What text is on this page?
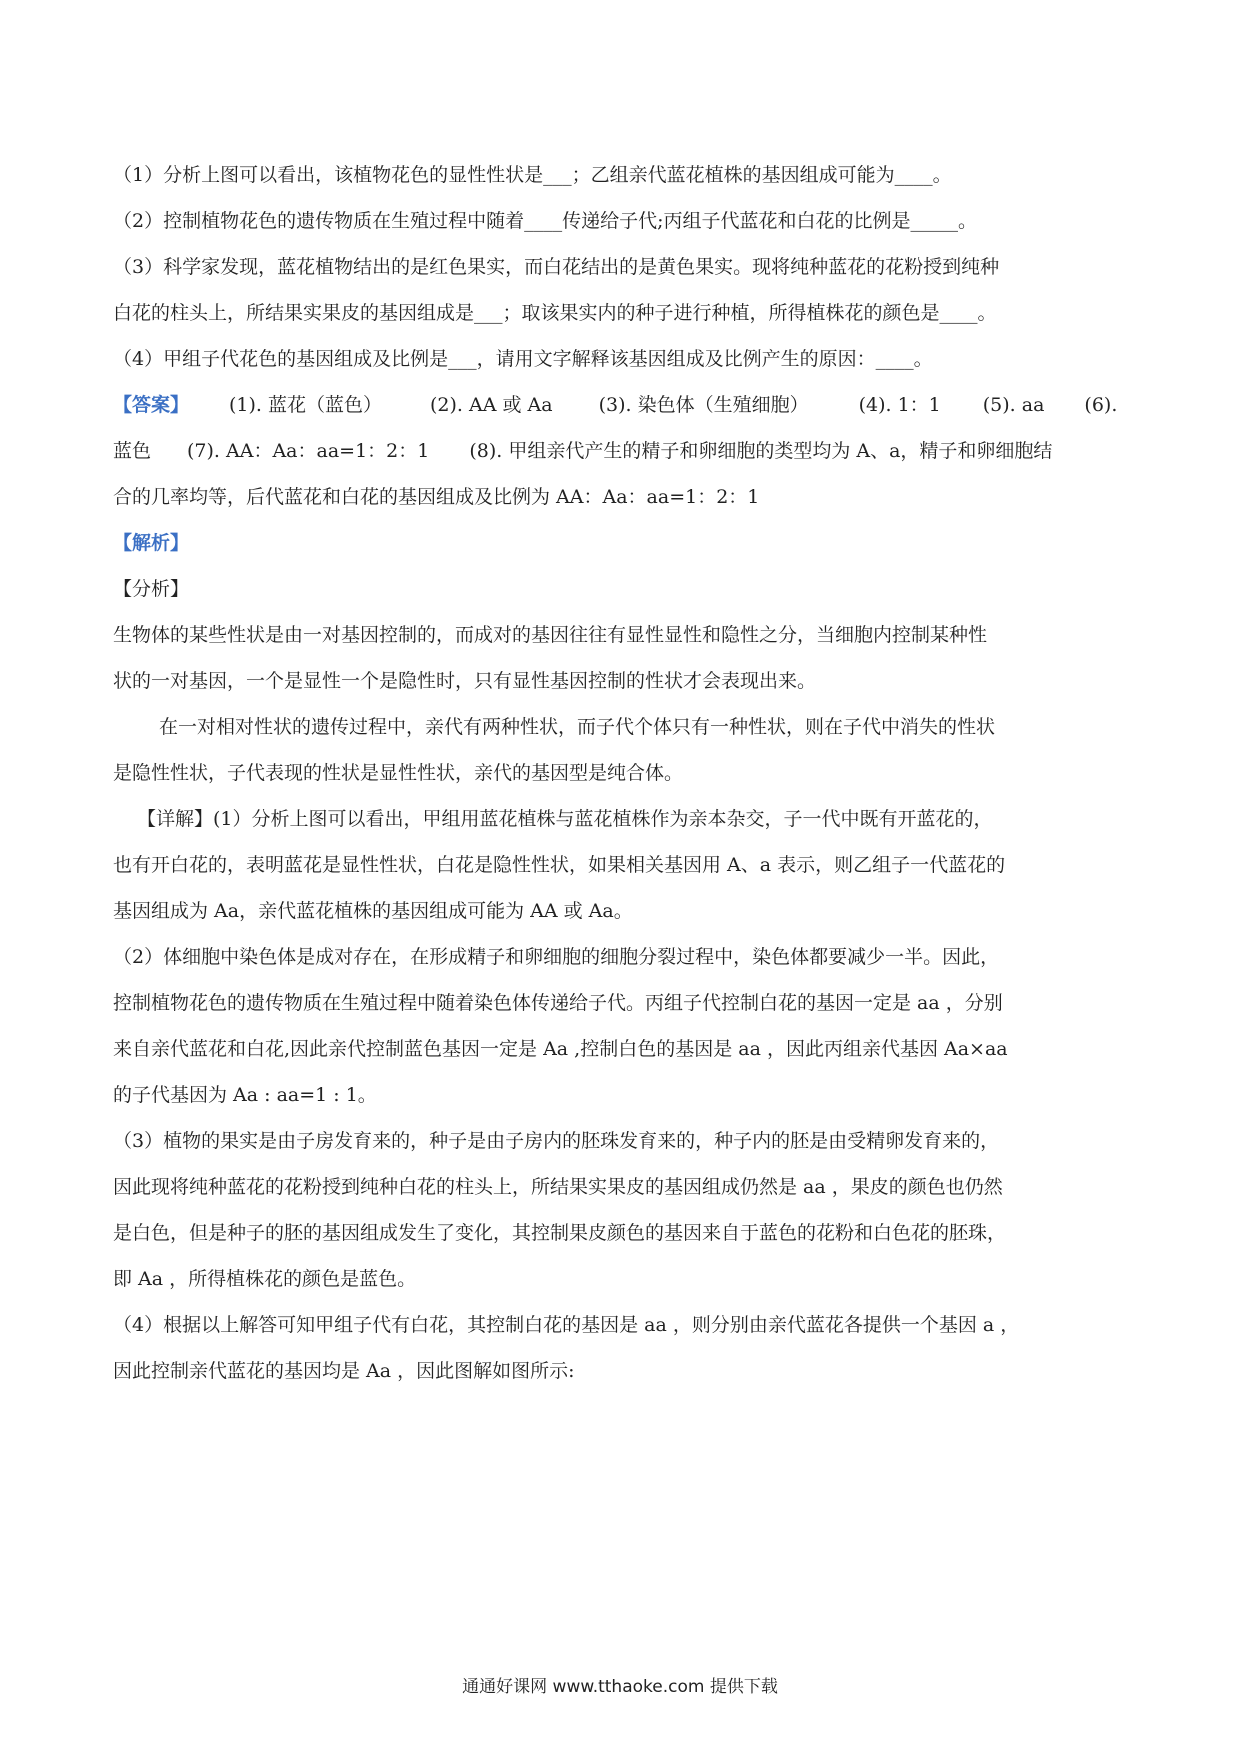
（1）分析上图可以看出，该植物花色的显性性状是___；乙组亲代蓝花植株的基因组成可能为____。
（2）控制植物花色的遗传物质在生殖过程中随着____传递给子代;丙组子代蓝花和白花的比例是_____。
（3）科学家发现，蓝花植物结出的是红色果实，而白花结出的是黄色果实。现将纯种蓝花的花粉授到纯种
白花的柱头上，所结果实果皮的基因组成是___；取该果实内的种子进行种植，所得植株花的颜色是____。
（4）甲组子代花色的基因组成及比例是___，请用文字解释该基因组成及比例产生的原因：____。
【答案】 (1). 蓝花（蓝色）	(2). AA 或 Aa (3). 染色体（生殖细胞）	(4). 1：1 (5). aa (6).
蓝色 (7). AA：Aa：aa=1：2：1 (8). 甲组亲代产生的精子和卵细胞的类型均为 A、a，精子和卵细胞结
合的几率均等，后代蓝花和白花的基因组成及比例为 AA：Aa：aa=1：2：1
【解析】
【分析】
生物体的某些性状是由一对基因控制的，而成对的基因往往有显性显性和隐性之分，当细胞内控制某种性
状的一对基因，一个是显性一个是隐性时，只有显性基因控制的性状才会表现出来。
在一对相对性状的遗传过程中，亲代有两种性状，而子代个体只有一种性状，则在子代中消失的性状
是隐性性状，子代表现的性状是显性性状，亲代的基因型是纯合体。
【详解】(1）分析上图可以看出，甲组用蓝花植株与蓝花植株作为亲本杂交，子一代中既有开蓝花的，
也有开白花的，表明蓝花是显性性状，白花是隐性性状，如果相关基因用 A、a 表示，则乙组子一代蓝花的
基因组成为 Aa，亲代蓝花植株的基因组成可能为 AA 或 Aa。
（2）体细胞中染色体是成对存在，在形成精子和卵细胞的细胞分裂过程中，染色体都要减少一半。因此，
控制植物花色的遗传物质在生殖过程中随着染色体传递给子代。丙组子代控制白花的基因一定是 aa ，分别
来自亲代蓝花和白花,因此亲代控制蓝色基因一定是 Aa ,控制白色的基因是 aa ，因此丙组亲代基因 Aa×aa
的子代基因为 Aa : aa=1 : 1。
（3）植物的果实是由子房发育来的，种子是由子房内的胚珠发育来的，种子内的胚是由受精卵发育来的，
因此现将纯种蓝花的花粉授到纯种白花的柱头上，所结果实果皮的基因组成仍然是 aa ，果皮的颜色也仍然
是白色，但是种子的胚的基因组成发生了变化，其控制果皮颜色的基因来自于蓝色的花粉和白色花的胚珠，
即 Aa ，所得植株花的颜色是蓝色。
（4）根据以上解答可知甲组子代有白花，其控制白花的基因是 aa ，则分别由亲代蓝花各提供一个基因 a ，
因此控制亲代蓝花的基因均是 Aa ，因此图解如图所示:
通通好课网 www.tthaoke.com 提供下载
